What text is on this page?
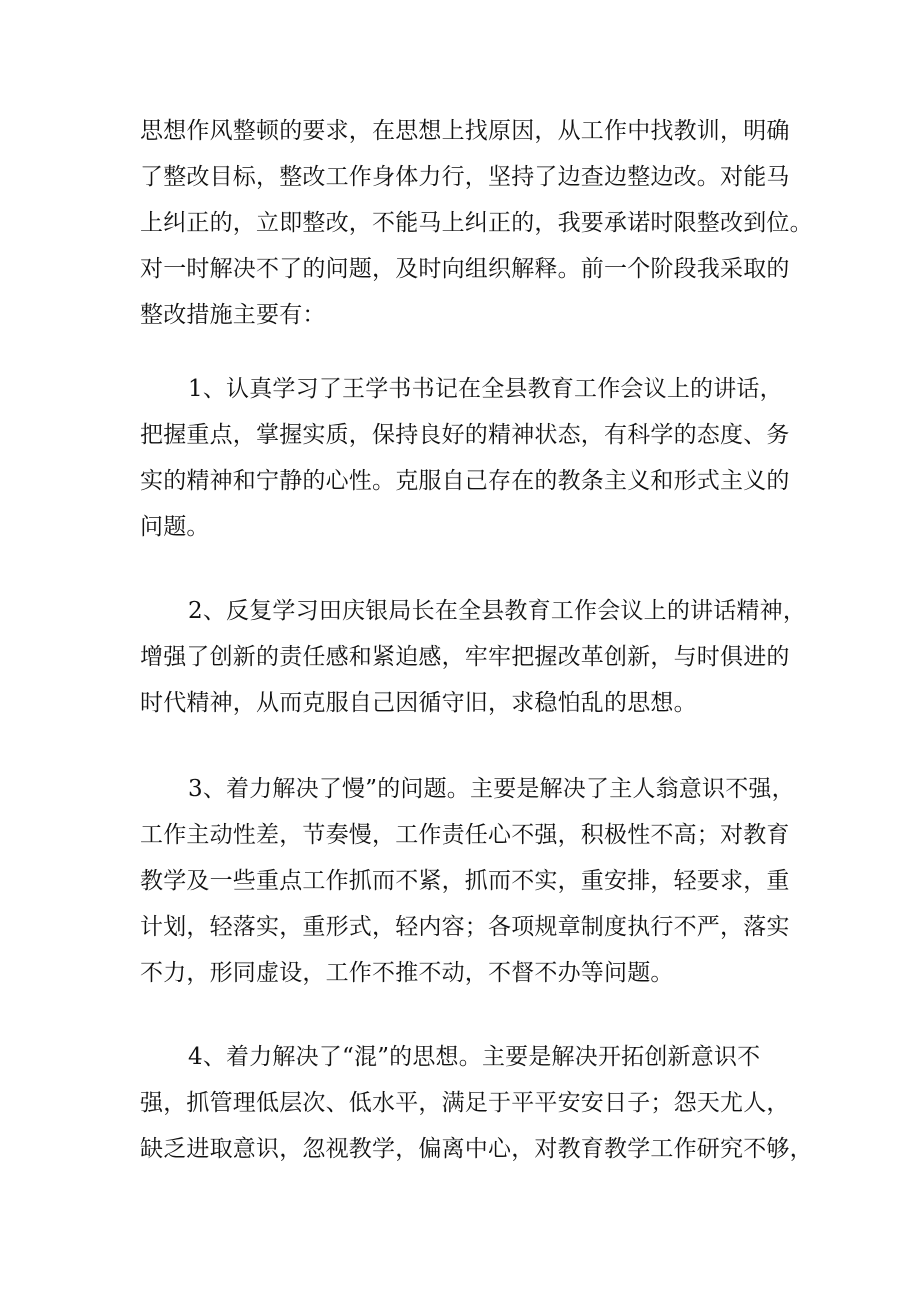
思想作风整顿的要求，在思想上找原因，从工作中找教训，明确

了整改目标，整改工作身体力行，坚持了边查边整边改。对能马

上纠正的，立即整改，不能马上纠正的，我要承诺时限整改到位。

对一时解决不了的问题，及时向组织解释。前一个阶段我采取的

整改措施主要有：

1、认真学习了王学书书记在全县教育工作会议上的讲话，

把握重点，掌握实质，保持良好的精神状态，有科学的态度、务

实的精神和宁静的心性。克服自己存在的教条主义和形式主义的

问题。

2、反复学习田庆银局长在全县教育工作会议上的讲话精神，

增强了创新的责任感和紧迫感，牢牢把握改革创新，与时俱进的

时代精神，从而克服自己因循守旧，求稳怕乱的思想。

3、着力解决了慢”的问题。主要是解决了主人翁意识不强，

工作主动性差，节奏慢，工作责任心不强，积极性不高；对教育

教学及一些重点工作抓而不紧，抓而不实，重安排，轻要求，重

计划，轻落实，重形式，轻内容；各项规章制度执行不严，落实

不力，形同虚设，工作不推不动，不督不办等问题。

4、着力解决了“混”的思想。主要是解决开拓创新意识不

强，抓管理低层次、低水平，满足于平平安安日子；怨天尤人，

缺乏进取意识，忽视教学，偏离中心，对教育教学工作研究不够，
